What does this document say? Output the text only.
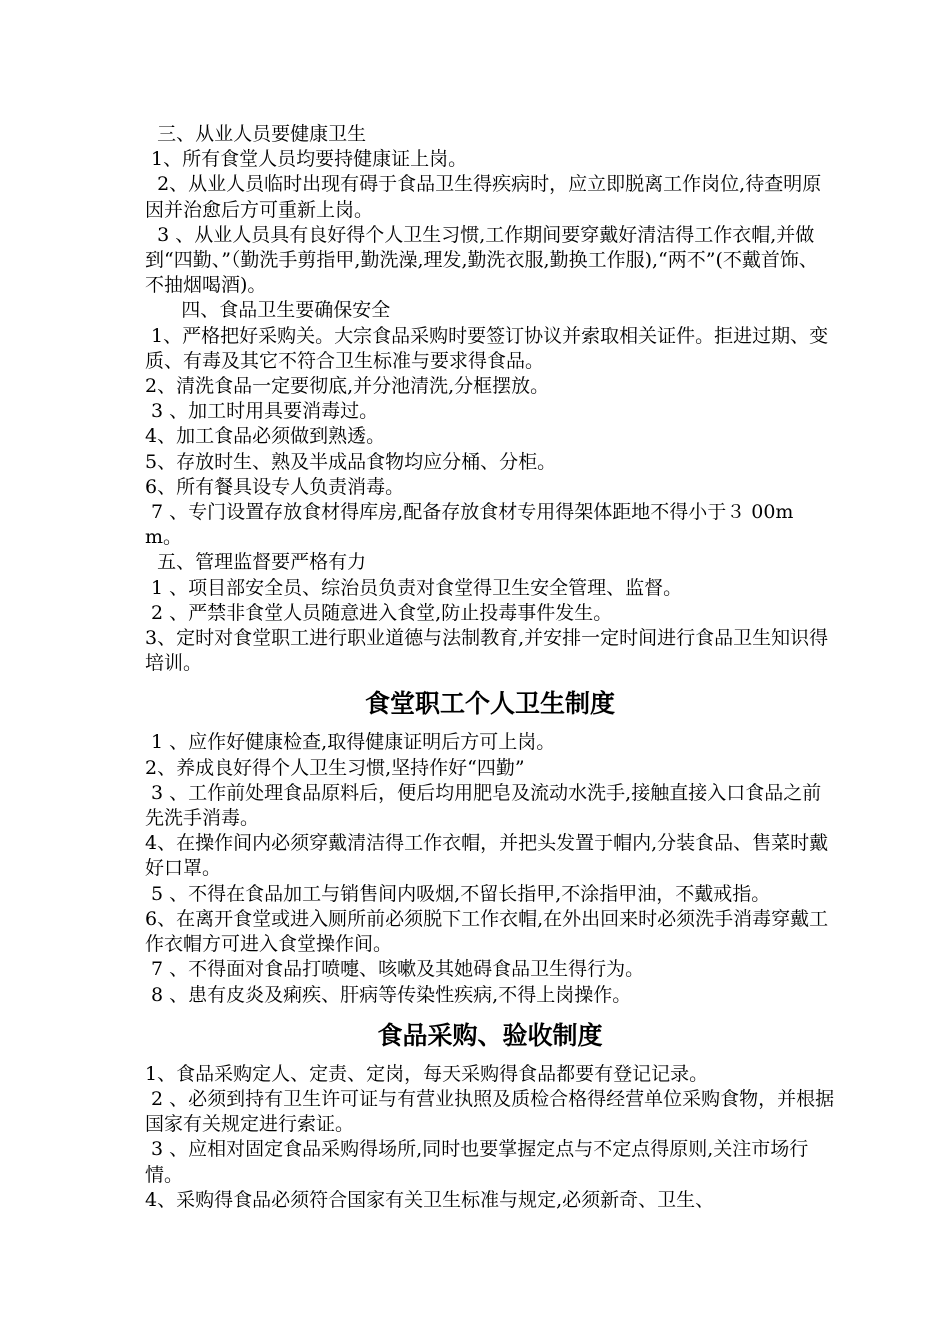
三、从业人员要健康卫生

1、所有食堂人员均要持健康证上岗。

2、从业人员临时出现有碍于食品卫生得疾病时，应立即脱离工作岗位,待查明原因并治愈后方可重新上岗。

3 、从业人员具有良好得个人卫生习惯,工作期间要穿戴好清洁得工作衣帽,并做到“四勤、”（勤洗手剪指甲,勤洗澡,理发,勤洗衣服,勤换工作服),“两不”(不戴首饰、不抽烟喝酒)。

四、食品卫生要确保安全

1、严格把好采购关。大宗食品采购时要签订协议并索取相关证件。拒进过期、变质、有毒及其它不符合卫生标准与要求得食品。

2、清洗食品一定要彻底,并分池清洗,分框摆放。

3 、加工时用具要消毒过。

4、加工食品必须做到熟透。

5、存放时生、熟及半成品食物均应分桶、分柜。

6、所有餐具设专人负责消毒。

7 、专门设置存放食材得库房,配备存放食材专用得架体距地不得小于３ 00m m。

五、管理监督要严格有力

1 、项目部安全员、综治员负责对食堂得卫生安全管理、监督。

2 、严禁非食堂人员随意进入食堂,防止投毒事件发生。

3、定时对食堂职工进行职业道德与法制教育,并安排一定时间进行食品卫生知识得培训。

食堂职工个人卫生制度

1 、应作好健康检查,取得健康证明后方可上岗。

2、养成良好得个人卫生习惯,坚持作好“四勤”

3 、工作前处理食品原料后，便后均用肥皂及流动水洗手,接触直接入口食品之前先洗手消毒。

4、在操作间内必须穿戴清洁得工作衣帽，并把头发置于帽内,分装食品、售菜时戴好口罩。

5 、不得在食品加工与销售间内吸烟,不留长指甲,不涂指甲油，不戴戒指。

6、在离开食堂或进入厕所前必须脱下工作衣帽,在外出回来时必须洗手消毒穿戴工作衣帽方可进入食堂操作间。

7 、不得面对食品打喷嚏、咳嗽及其她碍食品卫生得行为。

8 、患有皮炎及痢疾、肝病等传染性疾病,不得上岗操作。

食品采购、验收制度

1、食品采购定人、定责、定岗，每天采购得食品都要有登记记录。

2 、必须到持有卫生许可证与有营业执照及质检合格得经营单位采购食物，并根据国家有关规定进行索证。

3 、应相对固定食品采购得场所,同时也要掌握定点与不定点得原则,关注市场行情。

4、采购得食品必须符合国家有关卫生标准与规定,必须新奇、卫生、
